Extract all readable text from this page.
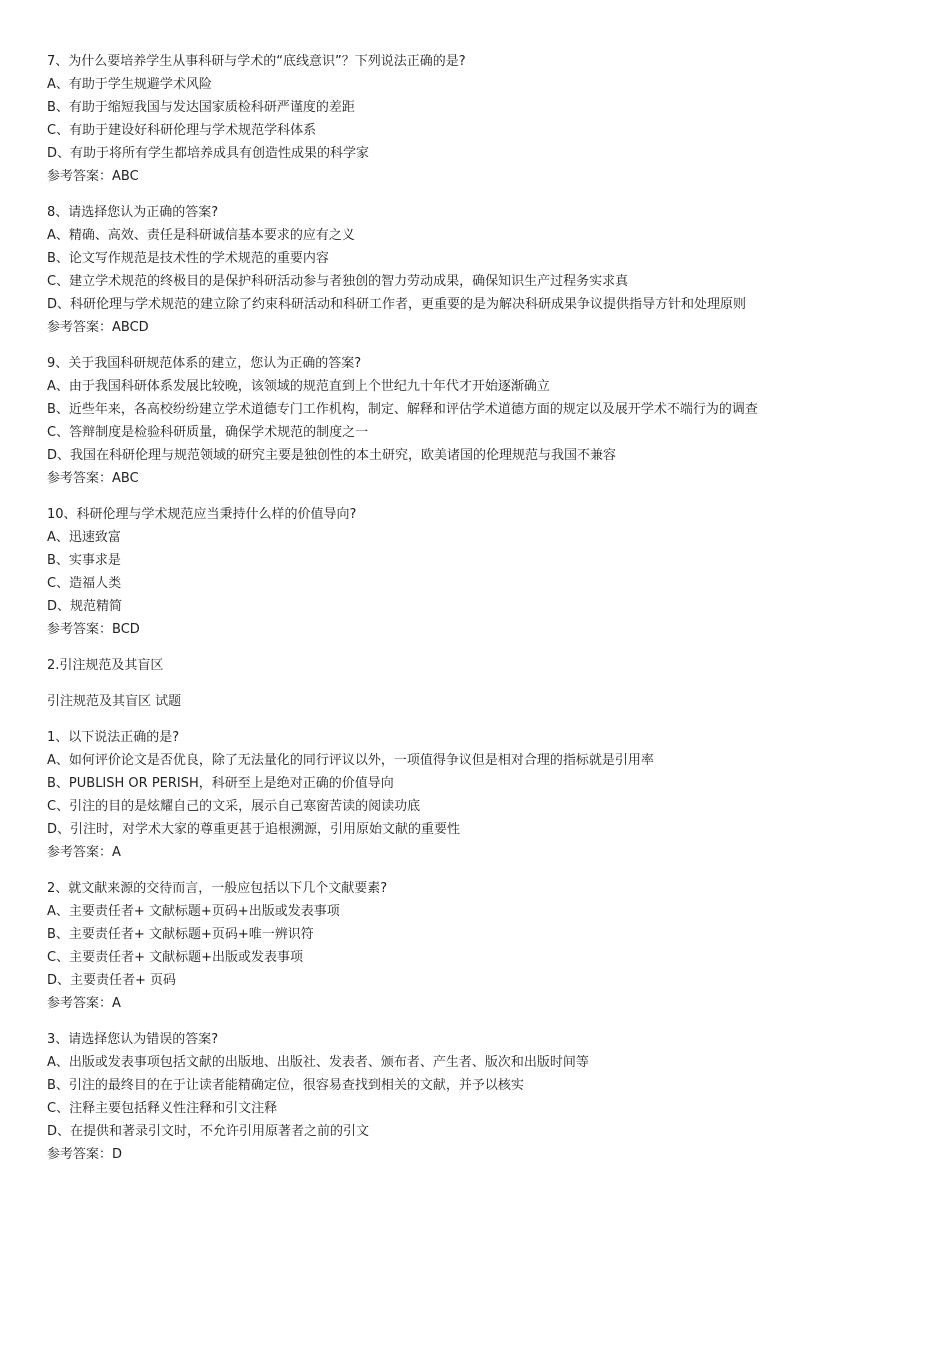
7、为什么要培养学生从事科研与学术的“底线意识”？下列说法正确的是?
A、有助于学生规避学术风险
B、有助于缩短我国与发达国家质检科研严谨度的差距
C、有助于建设好科研伦理与学术规范学科体系
D、有助于将所有学生都培养成具有创造性成果的科学家
参考答案：ABC
8、请选择您认为正确的答案?
A、精确、高效、责任是科研诚信基本要求的应有之义
B、论文写作规范是技术性的学术规范的重要内容
C、建立学术规范的终极目的是保护科研活动参与者独创的智力劳动成果，确保知识生产过程务实求真
D、科研伦理与学术规范的建立除了约束科研活动和科研工作者，更重要的是为解决科研成果争议提供指导方针和处理原则
参考答案：ABCD
9、关于我国科研规范体系的建立，您认为正确的答案?
A、由于我国科研体系发展比较晚，该领域的规范直到上个世纪九十年代才开始逐渐确立
B、近些年来，各高校纷纷建立学术道德专门工作机构，制定、解释和评估学术道德方面的规定以及展开学术不端行为的调查
C、答辩制度是检验科研质量，确保学术规范的制度之一
D、我国在科研伦理与规范领域的研究主要是独创性的本土研究，欧美诸国的伦理规范与我国不兼容
参考答案：ABC
10、科研伦理与学术规范应当秉持什么样的价值导向?
A、迅速致富
B、实事求是
C、造福人类
D、规范精简
参考答案：BCD
2.引注规范及其盲区
引注规范及其盲区 试题
1、以下说法正确的是?
A、如何评价论文是否优良，除了无法量化的同行评议以外，一项值得争议但是相对合理的指标就是引用率
B、PUBLISH OR PERISH，科研至上是绝对正确的价值导向
C、引注的目的是炫耀自己的文采，展示自己寒窗苦读的阅读功底
D、引注时，对学术大家的尊重更甚于追根溯源，引用原始文献的重要性
参考答案：A
2、就文献来源的交待而言，一般应包括以下几个文献要素?
A、主要责任者+ 文献标题+页码+出版或发表事项
B、主要责任者+ 文献标题+页码+唯一辨识符
C、主要责任者+ 文献标题+出版或发表事项
D、主要责任者+ 页码
参考答案：A
3、请选择您认为错误的答案?
A、出版或发表事项包括文献的出版地、出版社、发表者、颁布者、产生者、版次和出版时间等
B、引注的最终目的在于让读者能精确定位，很容易查找到相关的文献，并予以核实
C、注释主要包括释义性注释和引文注释
D、在提供和著录引文时，不允许引用原著者之前的引文
参考答案：D
